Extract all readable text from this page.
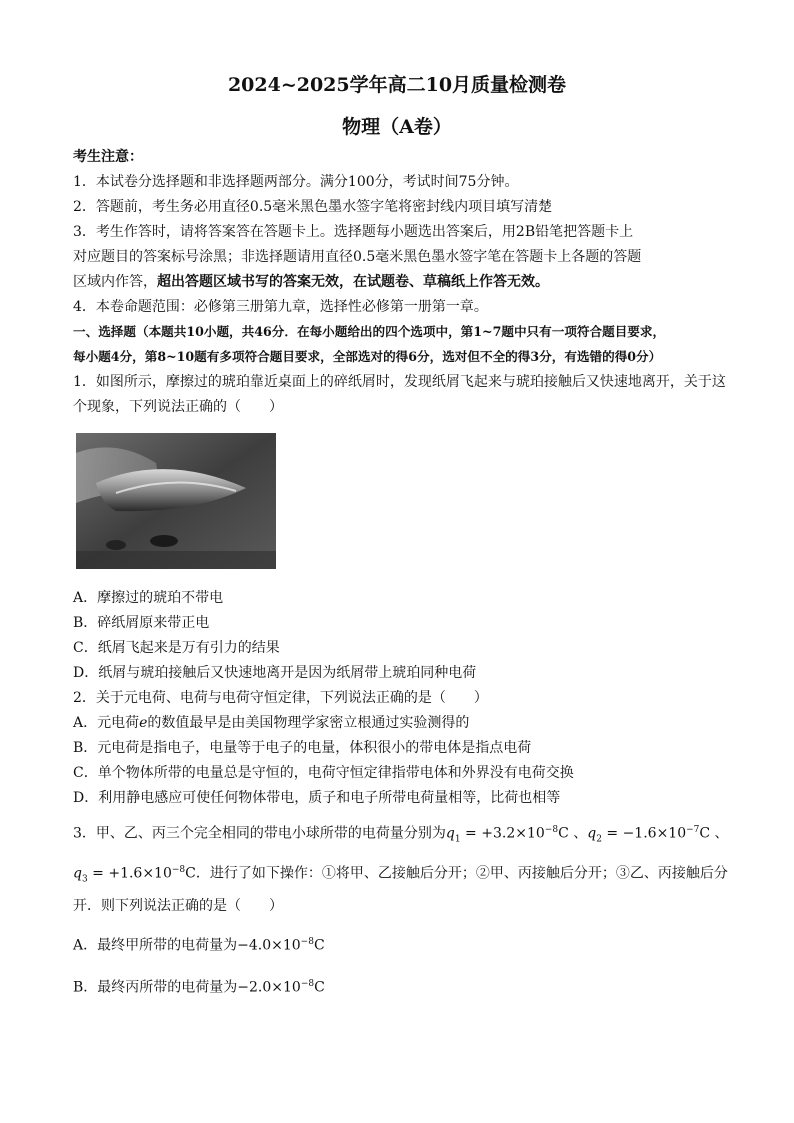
2024~2025学年高二10月质量检测卷
物理（A卷）
考生注意：
1．本试卷分选择题和非选择题两部分。满分100分，考试时间75分钟。
2．答题前，考生务必用直径0.5毫米黑色墨水签字笔将密封线内项目填写清楚
3．考生作答时，请将答案答在答题卡上。选择题每小题选出答案后，用2B铅笔把答题卡上
对应题目的答案标号涂黑；非选择题请用直径0.5毫米黑色墨水签字笔在答题卡上各题的答题
区域内作答，超出答题区域书写的答案无效，在试题卷、草稿纸上作答无效。
4．本卷命题范围：必修第三册第九章，选择性必修第一册第一章。
一、选择题（本题共10小题，共46分．在每小题给出的四个选项中，第1~7题中只有一项符合题目要求，
每小题4分，第8~10题有多项符合题目要求，全部选对的得6分，选对但不全的得3分，有选错的得0分）
1．如图所示，摩擦过的琥珀靠近桌面上的碎纸屑时，发现纸屑飞起来与琥珀接触后又快速地离开，关于这
个现象，下列说法正确的（　　）
A．摩擦过的琥珀不带电
B．碎纸屑原来带正电
C．纸屑飞起来是万有引力的结果
D．纸屑与琥珀接触后又快速地离开是因为纸屑带上琥珀同种电荷
2．关于元电荷、电荷与电荷守恒定律，下列说法正确的是（　　）
A．元电荷e的数值最早是由美国物理学家密立根通过实验测得的
B．元电荷是指电子，电量等于电子的电量，体积很小的带电体是指点电荷
C．单个物体所带的电量总是守恒的，电荷守恒定律指带电体和外界没有电荷交换
D．利用静电感应可使任何物体带电，质子和电子所带电荷量相等，比荷也相等
3．甲、乙、丙三个完全相同的带电小球所带的电荷量分别为$q_1 = +3.2\times 10^{-8}C$ 、$q_2 = -1.6\times 10^{-7}C$ 、
$q_3 = +1.6\times 10^{-8}C$．进行了如下操作：①将甲、乙接触后分开；②甲、丙接触后分开；③乙、丙接触后分
开．则下列说法正确的是（　　）
A．最终甲所带的电荷量为$-4.0\times 10^{-8}C$
B．最终丙所带的电荷量为$-2.0\times 10^{-8}C$
